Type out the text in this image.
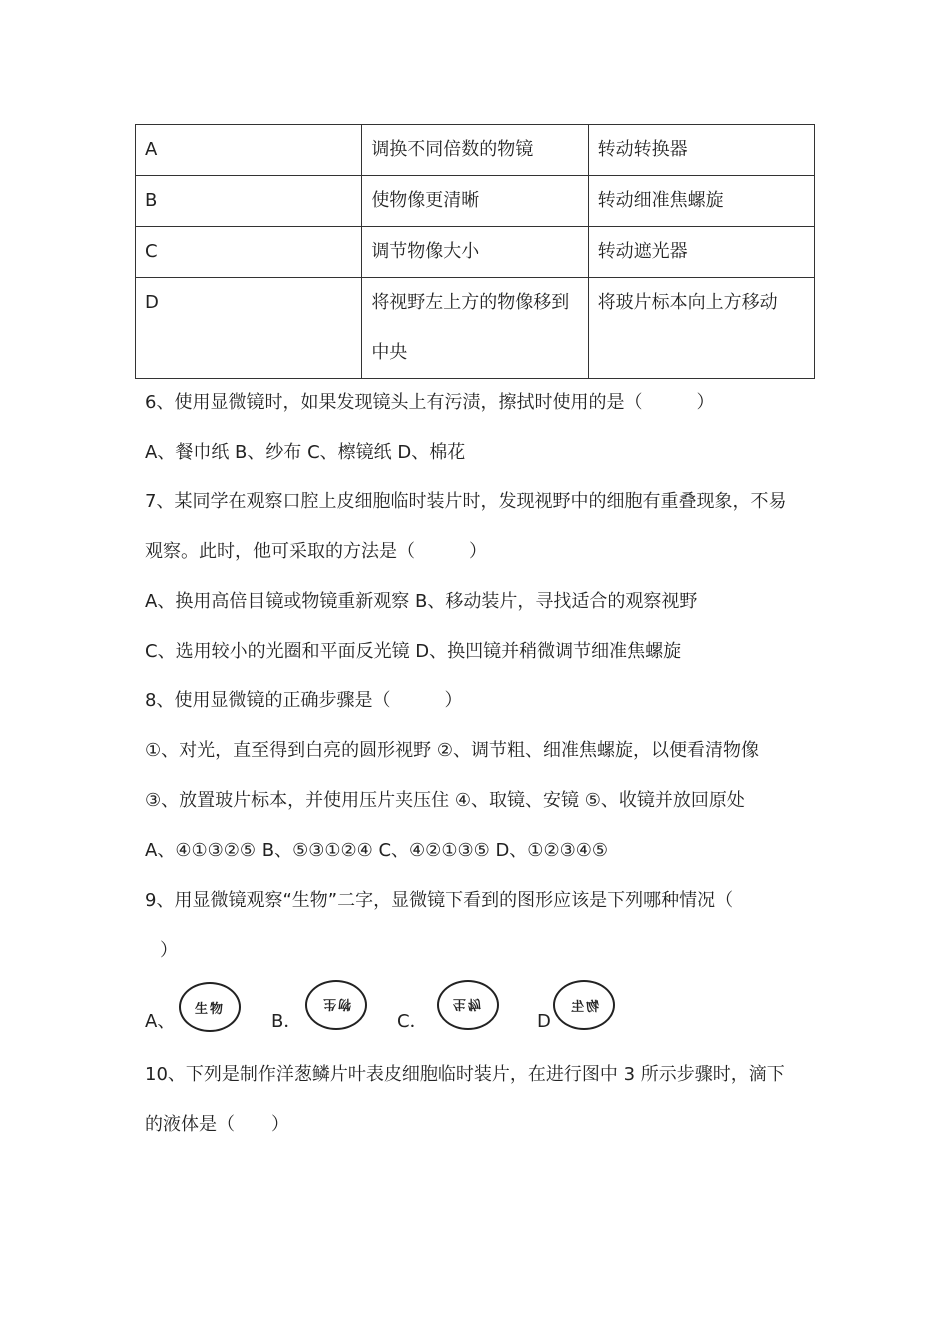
A	调换不同倍数的物镜	转动转换器
B	使物像更清晰	转动细准焦螺旋
C	调节物像大小	转动遮光器
D	将视野左上方的物像移到中央	将玻片标本向上方移动
6、使用显微镜时，如果发现镜头上有污渍，擦拭时使用的是（　　　）
A、餐巾纸 B、纱布 C、檫镜纸 D、棉花
7、某同学在观察口腔上皮细胞临时装片时，发现视野中的细胞有重叠现象，不易
观察。此时，他可采取的方法是（　　　）
A、换用高倍目镜或物镜重新观察 B、移动装片，寻找适合的观察视野
C、选用较小的光圈和平面反光镜 D、换凹镜并稍微调节细准焦螺旋
8、使用显微镜的正确步骤是（　　　）
①、对光，直至得到白亮的圆形视野 ②、调节粗、细准焦螺旋，以便看清物像
③、放置玻片标本，并使用压片夹压住 ④、取镜、安镜 ⑤、收镜并放回原处
A、④①③②⑤ B、⑤③①②④ C、④②①③⑤ D、①②③④⑤
9、用显微镜观察“生物”二字，显微镜下看到的图形应该是下列哪种情况（
）
A、
生物
B．
物生
C．
生物
D
物生
10、下列是制作洋葱鳞片叶表皮细胞临时装片，在进行图中 3 所示步骤时，滴下
的液体是（　　）
